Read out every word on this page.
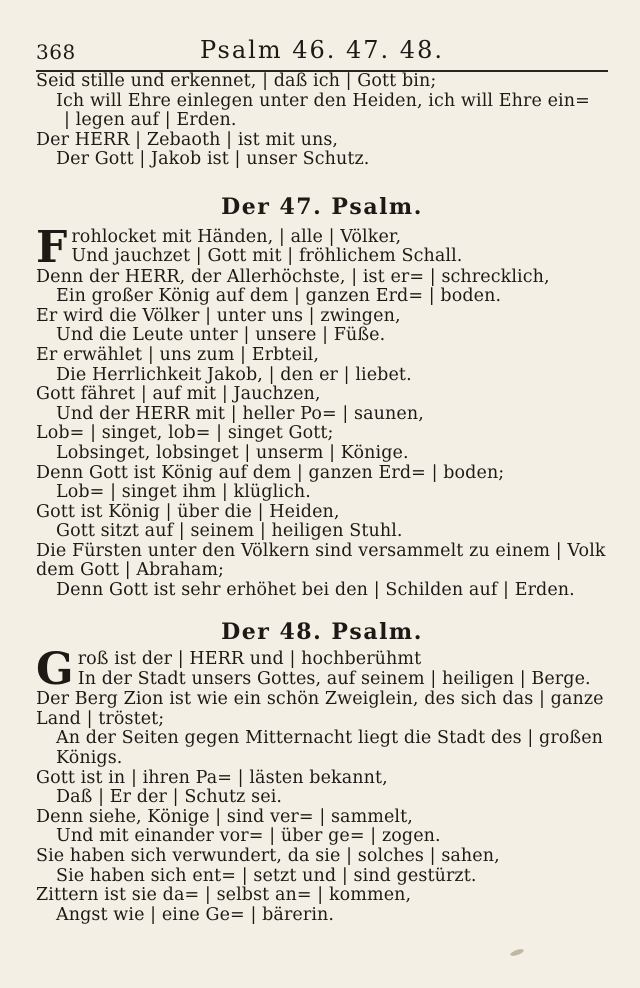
368	Psalm 46. 47. 48.
Seid stille und erkennet, | daß ich | Gott bin;
Ich will Ehre einlegen unter den Heiden, ich will Ehre ein=
| legen auf | Erden.
Der HERR | Zebaoth | ist mit uns,
Der Gott | Jakob ist | unser Schutz.
Der 47. Psalm.
F rohlocket mit Händen, | alle | Völker,
Und jauchzet | Gott mit | fröhlichem Schall.
Denn der HERR, der Allerhöchste, | ist er= | schrecklich,
Ein großer König auf dem | ganzen Erd= | boden.
Er wird die Völker | unter uns | zwingen,
Und die Leute unter | unsere | Füße.
Er erwählet | uns zum | Erbteil,
Die Herrlichkeit Jakob, | den er | liebet.
Gott fähret | auf mit | Jauchzen,
Und der HERR mit | heller Po= | saunen,
Lob= | singet, lob= | singet Gott;
Lobsinget, lobsinget | unserm | Könige.
Denn Gott ist König auf dem | ganzen Erd= | boden;
Lob= | singet ihm | klüglich.
Gott ist König | über die | Heiden,
Gott sitzt auf | seinem | heiligen Stuhl.
Die Fürsten unter den Völkern sind versammelt zu einem | Volk
dem Gott | Abraham;
Denn Gott ist sehr erhöhet bei den | Schilden auf | Erden.
Der 48. Psalm.
G roß ist der | HERR und | hochberühmt
In der Stadt unsers Gottes, auf seinem | heiligen | Berge.
Der Berg Zion ist wie ein schön Zweiglein, des sich das | ganze
Land | tröstet;
An der Seiten gegen Mitternacht liegt die Stadt des | großen
Königs.
Gott ist in | ihren Pa= | lästen bekannt,
Daß | Er der | Schutz sei.
Denn siehe, Könige | sind ver= | sammelt,
Und mit einander vor= | über ge= | zogen.
Sie haben sich verwundert, da sie | solches | sahen,
Sie haben sich ent= | setzt und | sind gestürzt.
Zittern ist sie da= | selbst an= | kommen,
Angst wie | eine Ge= | bärerin.
